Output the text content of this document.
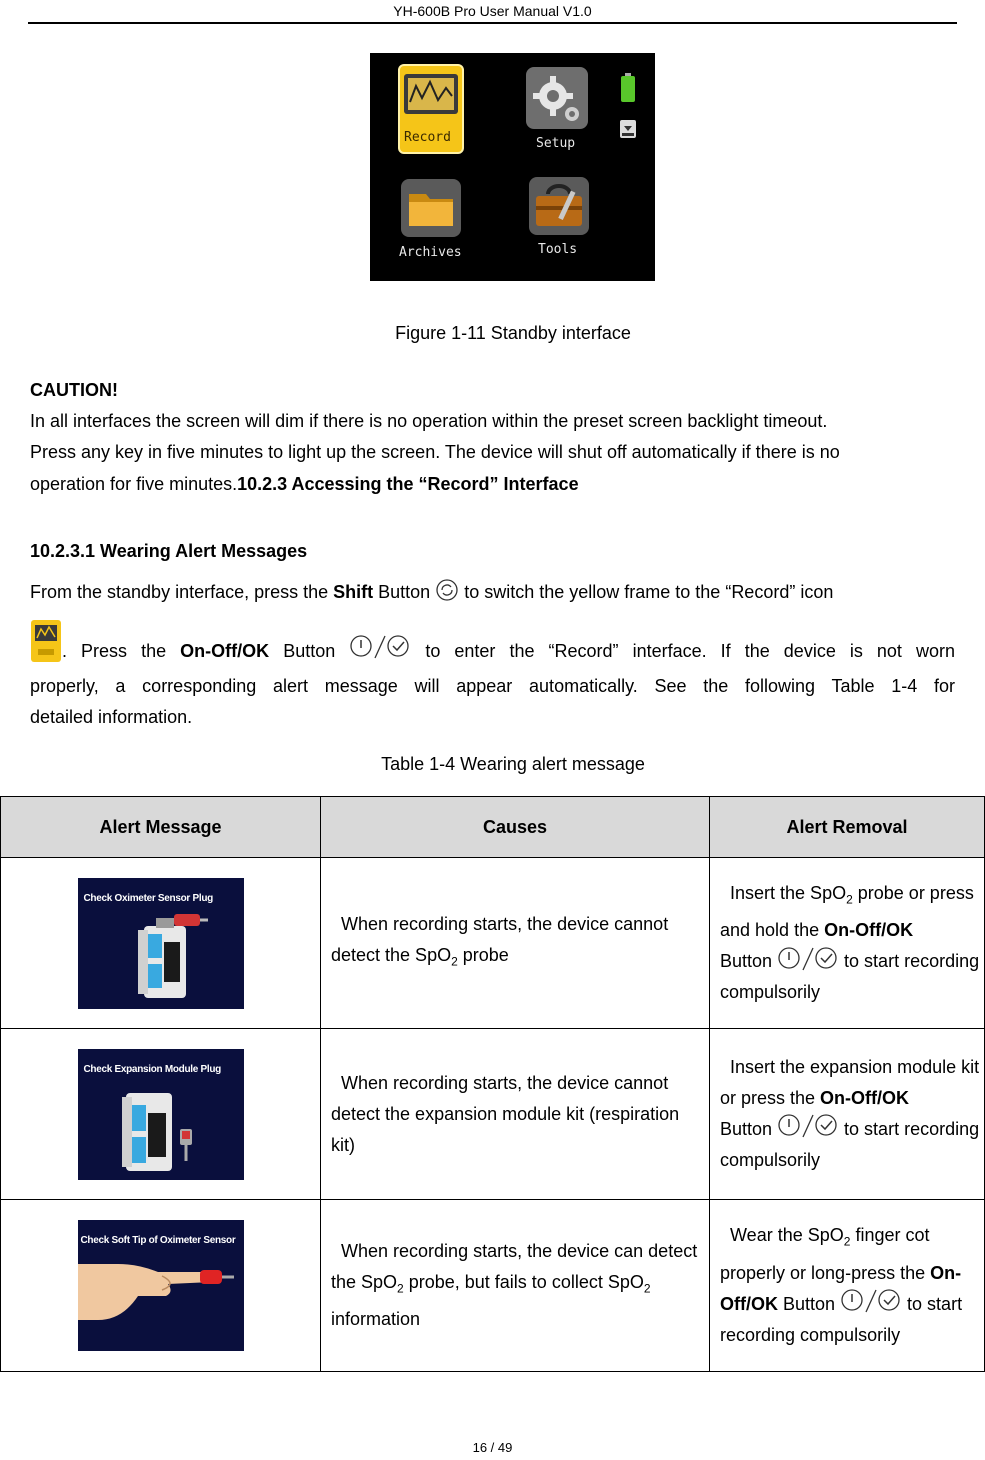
YH-600B Pro User Manual V1.0
Record	Setup
Archives	Tools
Figure 1-11 Standby interface
CAUTION!
In all interfaces the screen will dim if there is no operation within the preset screen backlight timeout.
Press any key in five minutes to light up the screen. The device will shut off automatically if there is no
operation for five minutes.10.2.3 Accessing the “Record” Interface
10.2.3.1 Wearing Alert Messages
From the standby interface, press the Shift Button  to switch the yellow frame to the “Record” icon
. Press the On-Off/OK Button	to enter the “Record” interface. If the device is not worn
properly, a corresponding alert message will appear automatically. See the following Table 1-4 for
detailed information.
Table 1-4 Wearing alert message
Alert Message	Causes	Alert Removal

Check Oximeter Sensor Plug	When recording starts, the device cannot detect the SpO$_2$ probe	Insert the SpO$_2$ probe or press and hold the On-Off/OK
Button to start recording compulsorily

Check Expansion Module Plug	When recording starts, the device cannot detect the expansion module kit (respiration kit)	Insert the expansion module kit or press the On-Off/OK
Button to start recording compulsorily

Check Soft Tip of Oximeter Sensor	When recording starts, the device can detect the SpO$_2$ probe, but fails to collect SpO$_2$ information	Wear the SpO$_2$ finger cot properly or long-press the On-Off/OK Button to start recording compulsorily
16 / 49
